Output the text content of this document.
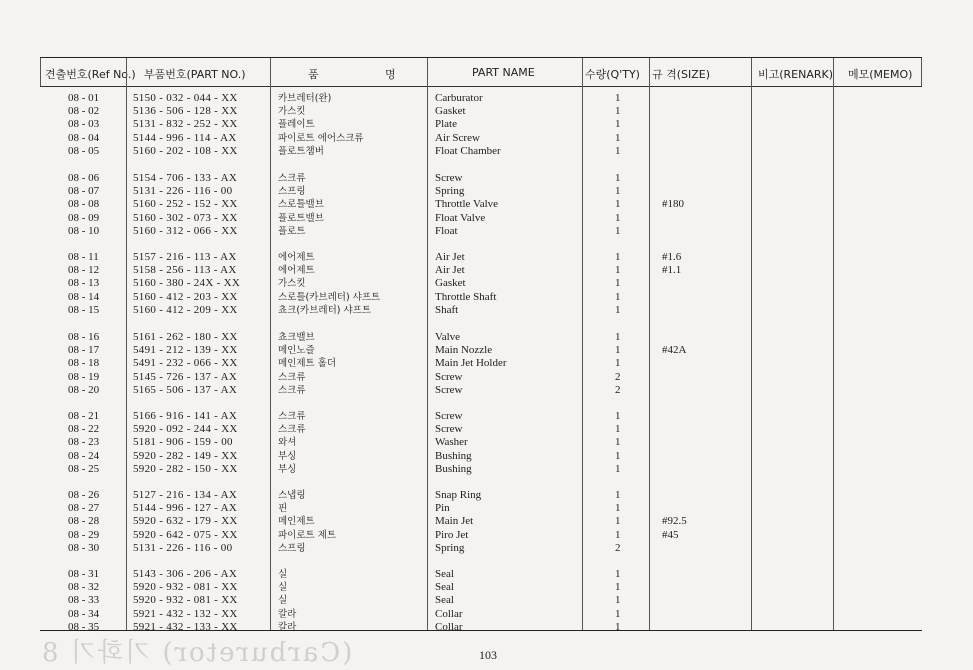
(Carburetor) 기화기 8
견출번호(Ref No.) 부품번호(PART NO.)	품	명	PART NAME	수량(Q'TY) 규 격(SIZE)	비고(RENARK) 메모(MEMO)
08 - 01	5150 - 032 - 044 - XX	카브레터(완)	Carburator	1
08 - 02	5136 - 506 - 128 - XX	가스킷	Gasket	1
08 - 03	5131 - 832 - 252 - XX	플레이트	Plate	1
08 - 04	5144 - 996 - 114 - AX	파이로트 에어스크류	Air Screw	1
08 - 05	5160 - 202 - 108 - XX	플로트챔버	Float Chamber	1
08 - 06	5154 - 706 - 133 - AX	스크류	Screw	1
08 - 07	5131 - 226 - 116 - 00	스프링	Spring	1
08 - 08	5160 - 252 - 152 - XX	스로틀밸브	Throttle Valve	1	#180
08 - 09	5160 - 302 - 073 - XX	플로트밸브	Float Valve	1
08 - 10	5160 - 312 - 066 - XX	플로트	Float	1
08 - 11	5157 - 216 - 113 - AX	에어제트	Air Jet	1	#1.6
08 - 12	5158 - 256 - 113 - AX	에어제트	Air Jet	1	#1.1
08 - 13	5160 - 380 - 24X - XX	가스킷	Gasket	1
08 - 14	5160 - 412 - 203 - XX	스로틀(카브레터) 샤프트	Throttle Shaft	1
08 - 15	5160 - 412 - 209 - XX	쵸크(카브레터) 샤프트	Shaft	1
08 - 16	5161 - 262 - 180 - XX	쵸크밸브	Valve	1
08 - 17	5491 - 212 - 139 - XX	메인노즐	Main Nozzle	1	#42A
08 - 18	5491 - 232 - 066 - XX	메인제트 홀더	Main Jet Holder	1
08 - 19	5145 - 726 - 137 - AX	스크류	Screw	2
08 - 20	5165 - 506 - 137 - AX	스크류	Screw	2
08 - 21	5166 - 916 - 141 - AX	스크류	Screw	1
08 - 22	5920 - 092 - 244 - XX	스크류	Screw	1
08 - 23	5181 - 906 - 159 - 00	와셔	Washer	1
08 - 24	5920 - 282 - 149 - XX	부싱	Bushing	1
08 - 25	5920 - 282 - 150 - XX	부싱	Bushing	1
08 - 26	5127 - 216 - 134 - AX	스냅링	Snap Ring	1
08 - 27	5144 - 996 - 127 - AX	핀	Pin	1
08 - 28	5920 - 632 - 179 - XX	메인제트	Main Jet	1	#92.5
08 - 29	5920 - 642 - 075 - XX	파이로트 제트	Piro Jet	1	#45
08 - 30	5131 - 226 - 116 - 00	스프링	Spring	2
08 - 31	5143 - 306 - 206 - AX	실	Seal	1
08 - 32	5920 - 932 - 081 - XX	실	Seal	1
08 - 33	5920 - 932 - 081 - XX	실	Seal	1
08 - 34	5921 - 432 - 132 - XX	칼라	Collar	1
08 - 35	5921 - 432 - 133 - XX	칼라	Collar	1
103
